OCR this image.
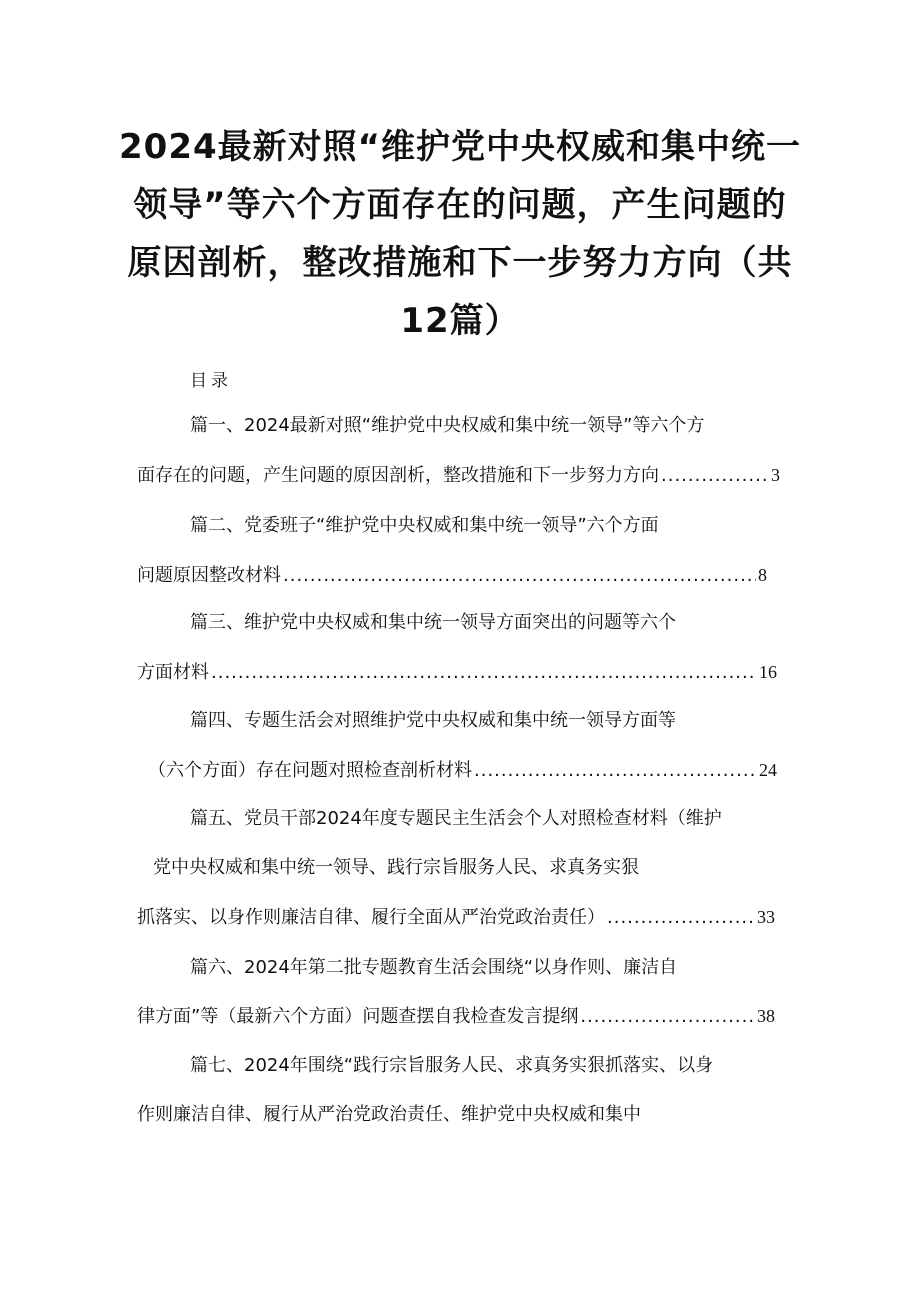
2024最新对照“维护党中央权威和集中统一
领导”等六个方面存在的问题，产生问题的
原因剖析，整改措施和下一步努力方向（共
12篇）
目录
篇一、2024最新对照“维护党中央权威和集中统一领导”等六个方
面存在的问题，产生问题的原因剖析，整改措施和下一步努力方向 .....	3
篇二、党委班子“维护党中央权威和集中统一领导”六个方面
问题原因整改材料 .....	8
篇三、维护党中央权威和集中统一领导方面突出的问题等六个
方面材料 .....	16
篇四、专题生活会对照维护党中央权威和集中统一领导方面等
（六个方面）存在问题对照检查剖析材料 .....	24
篇五、党员干部2024年度专题民主生活会个人对照检查材料（维护
党中央权威和集中统一领导、践行宗旨服务人民、求真务实狠
抓落实、以身作则廉洁自律、履行全面从严治党政治责任） .....	33
篇六、2024年第二批专题教育生活会围绕“以身作则、廉洁自
律方面”等（最新六个方面）问题查摆自我检查发言提纲 .....	38
篇七、2024年围绕“践行宗旨服务人民、求真务实狠抓落实、以身
作则廉洁自律、履行从严治党政治责任、维护党中央权威和集中
